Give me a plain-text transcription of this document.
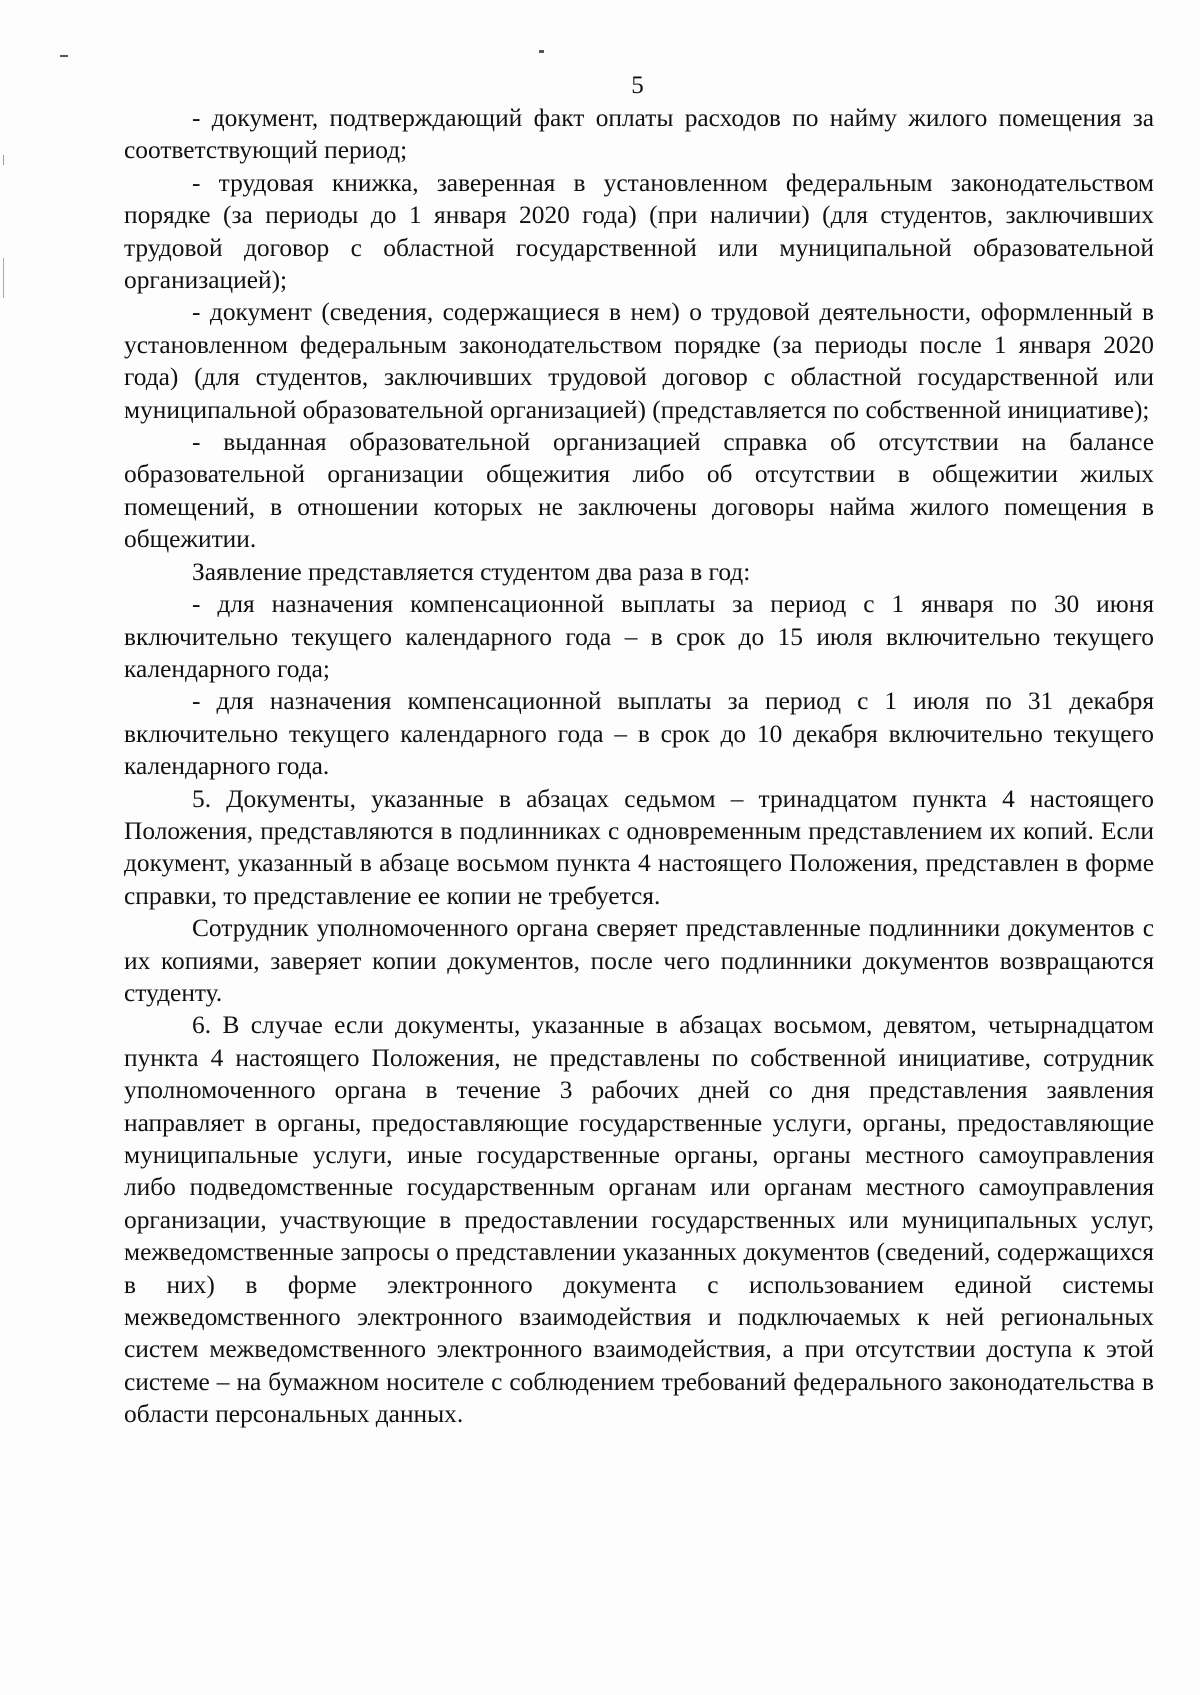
5

- документ, подтверждающий факт оплаты расходов по найму жилого помещения за соответствующий период;

- трудовая книжка, заверенная в установленном федеральным законодательством порядке (за периоды до 1 января 2020 года) (при наличии) (для студентов, заключивших трудовой договор с областной государственной или муниципальной образовательной организацией);

- документ (сведения, содержащиеся в нем) о трудовой деятельности, оформленный в установленном федеральным законодательством порядке (за периоды после 1 января 2020 года) (для студентов, заключивших трудовой договор с областной государственной или муниципальной образовательной организацией) (представляется по собственной инициативе);

- выданная образовательной организацией справка об отсутствии на балансе образовательной организации общежития либо об отсутствии в общежитии жилых помещений, в отношении которых не заключены договоры найма жилого помещения в общежитии.

Заявление представляется студентом два раза в год:

- для назначения компенсационной выплаты за период с 1 января по 30 июня включительно текущего календарного года – в срок до 15 июля включительно текущего календарного года;

- для назначения компенсационной выплаты за период с 1 июля по 31 декабря включительно текущего календарного года – в срок до 10 декабря включительно текущего календарного года.

5. Документы, указанные в абзацах седьмом – тринадцатом пункта 4 настоящего Положения, представляются в подлинниках с одновременным представлением их копий. Если документ, указанный в абзаце восьмом пункта 4 настоящего Положения, представлен в форме справки, то представление ее копии не требуется.

Сотрудник уполномоченного органа сверяет представленные подлинники документов с их копиями, заверяет копии документов, после чего подлинники документов возвращаются студенту.

6. В случае если документы, указанные в абзацах восьмом, девятом, четырнадцатом пункта 4 настоящего Положения, не представлены по собственной инициативе, сотрудник уполномоченного органа в течение 3 рабочих дней со дня представления заявления направляет в органы, предоставляющие государственные услуги, органы, предоставляющие муниципальные услуги, иные государственные органы, органы местного самоуправления либо подведомственные государственным органам или органам местного самоуправления организации, участвующие в предоставлении государственных или муниципальных услуг, межведомственные запросы о представлении указанных документов (сведений, содержащихся в них) в форме электронного документа с использованием единой системы межведомственного электронного взаимодействия и подключаемых к ней региональных систем межведомственного электронного взаимодействия, а при отсутствии доступа к этой системе – на бумажном носителе с соблюдением требований федерального законодательства в области персональных данных.
